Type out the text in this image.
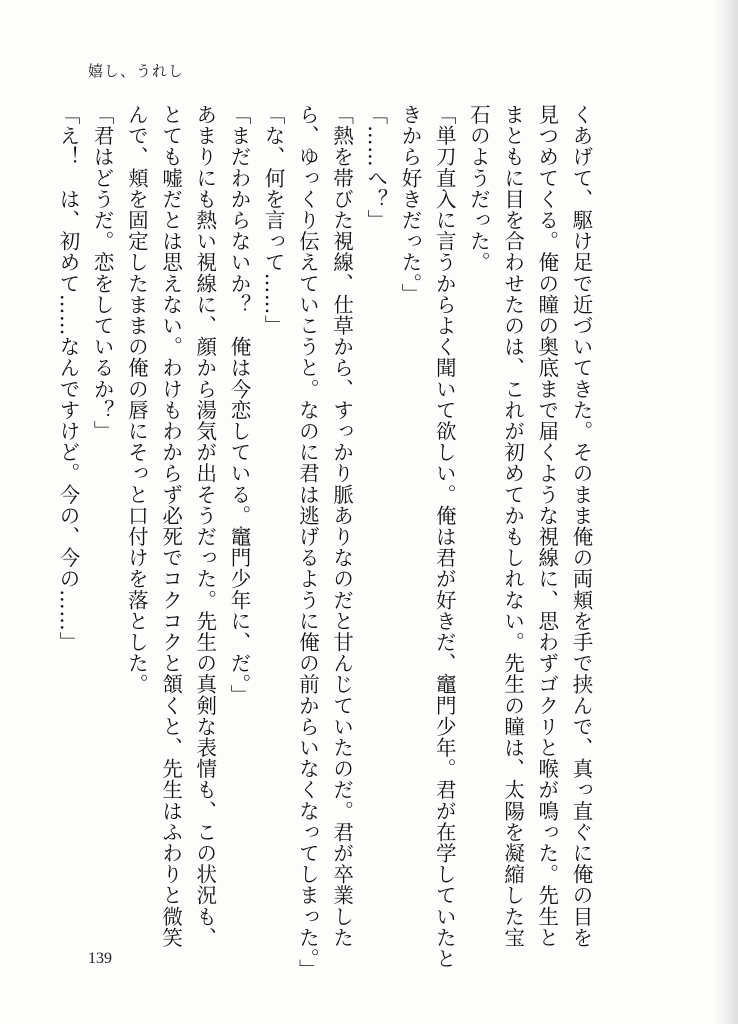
嬉し、うれし
くあげて、駆け足で近づいてきた。そのまま俺の両頬を手で挟んで、真っ直ぐに俺の目を
見つめてくる。俺の瞳の奥底まで届くような視線に、思わずゴクリと喉が鳴った。先生と
まともに目を合わせたのは、これが初めてかもしれない。先生の瞳は、太陽を凝縮した宝
石のようだった。
「単刀直入に言うからよく聞いて欲しい。俺は君が好きだ、竈門少年。君が在学していたと
きから好きだった。」
「……へ？」
「熱を帯びた視線、仕草から、すっかり脈ありなのだと甘んじていたのだ。君が卒業した
ら、ゆっくり伝えていこうと。なのに君は逃げるように俺の前からいなくなってしまった。」
「な、何を言って……」
「まだわからないか？　俺は今恋している。竈門少年に、だ。」
あまりにも熱い視線に、顔から湯気が出そうだった。先生の真剣な表情も、この状況も、
とても嘘だとは思えない。わけもわからず必死でコクコクと頷くと、先生はふわりと微笑
んで、頬を固定したままの俺の唇にそっと口付けを落とした。
「君はどうだ。恋をしているか？」
「え！　は、初めて……なんですけど。今の、今の……」
139
